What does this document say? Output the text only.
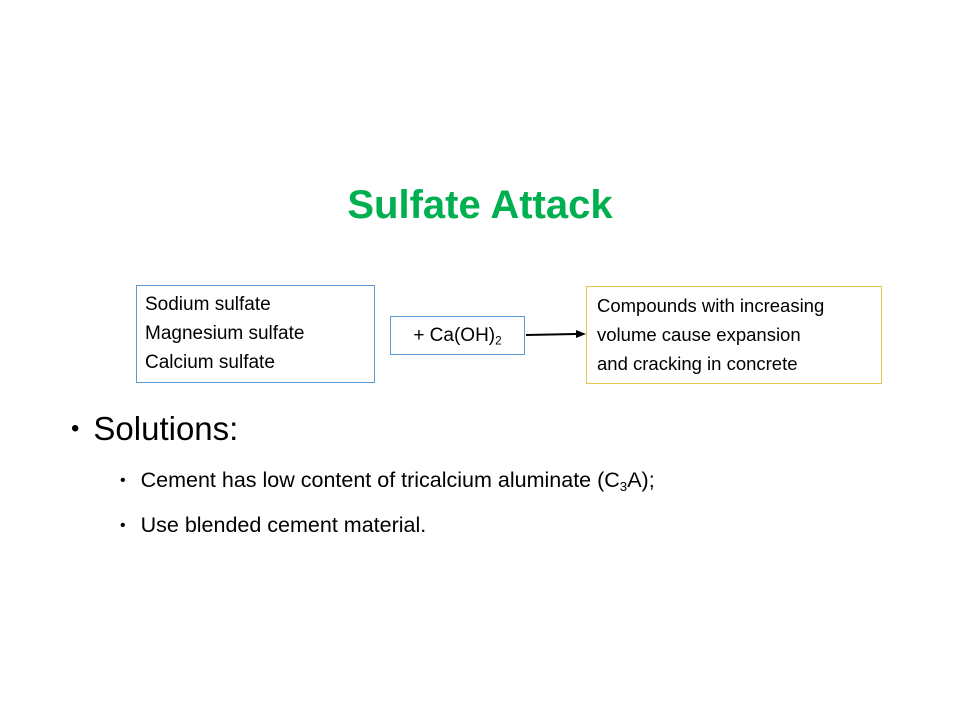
Sulfate Attack
Sodium sulfate
Magnesium sulfate
Calcium sulfate
+ $Ca(OH)_2$
Compounds with increasing
volume cause expansion
and cracking in concrete
• Solutions:
• Cement has low content of tricalcium aluminate $(C_3A)$;
• Use blended cement material.
